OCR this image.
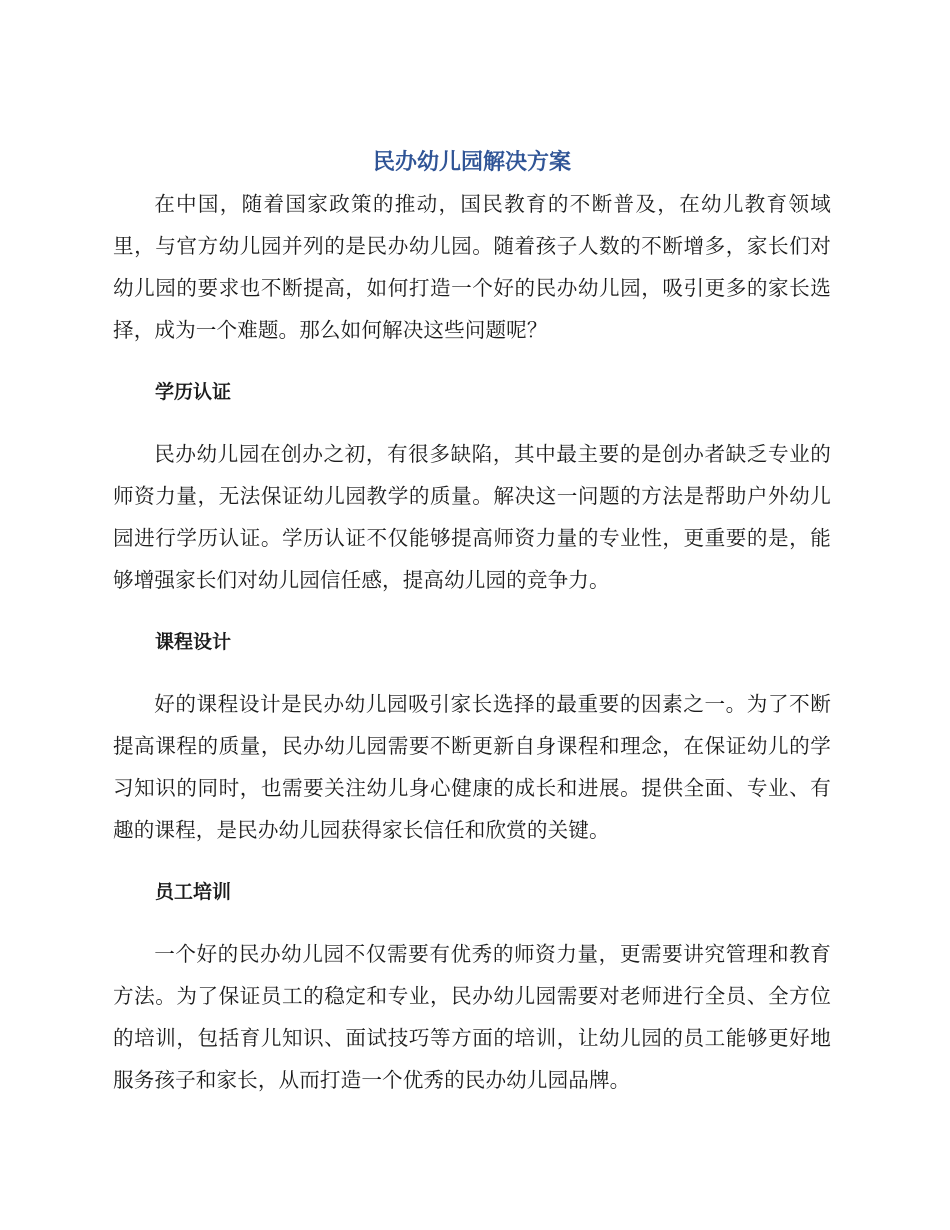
民办幼儿园解决方案

在中国，随着国家政策的推动，国民教育的不断普及，在幼儿教育领域里，与官方幼儿园并列的是民办幼儿园。随着孩子人数的不断增多，家长们对幼儿园的要求也不断提高，如何打造一个好的民办幼儿园，吸引更多的家长选择，成为一个难题。那么如何解决这些问题呢？

学历认证

民办幼儿园在创办之初，有很多缺陷，其中最主要的是创办者缺乏专业的师资力量，无法保证幼儿园教学的质量。解决这一问题的方法是帮助户外幼儿园进行学历认证。学历认证不仅能够提高师资力量的专业性，更重要的是，能够增强家长们对幼儿园信任感，提高幼儿园的竞争力。

课程设计

好的课程设计是民办幼儿园吸引家长选择的最重要的因素之一。为了不断提高课程的质量，民办幼儿园需要不断更新自身课程和理念，在保证幼儿的学习知识的同时，也需要关注幼儿身心健康的成长和进展。提供全面、专业、有趣的课程，是民办幼儿园获得家长信任和欣赏的关键。

员工培训

一个好的民办幼儿园不仅需要有优秀的师资力量，更需要讲究管理和教育方法。为了保证员工的稳定和专业，民办幼儿园需要对老师进行全员、全方位的培训，包括育儿知识、面试技巧等方面的培训，让幼儿园的员工能够更好地服务孩子和家长，从而打造一个优秀的民办幼儿园品牌。
